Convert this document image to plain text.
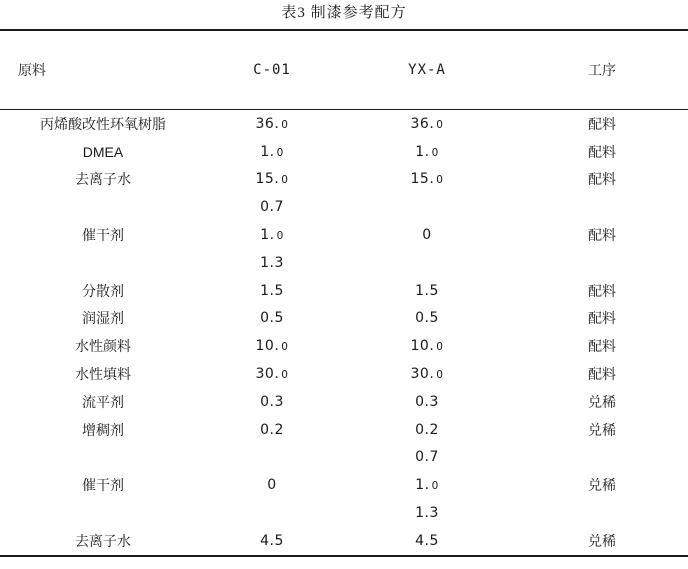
表3 制漆参考配方
原料	C-01	YX-A	工序
丙烯酸改性环氧树脂	36. 0	36. 0	配料
DMEA	1. 0	1. 0	配料
去离子水	15. 0	15. 0	配料
	0.7		
催干剂	1. 0	0	配料
	1.3		
分散剂	1.5	1.5	配料
润湿剂	0.5	0.5	配料
水性颜料	10. 0	10. 0	配料
水性填料	30. 0	30. 0	配料
流平剂	0.3	0.3	兑稀
增稠剂	0.2	0.2	兑稀
		0.7	
催干剂	0	1. 0	兑稀
		1.3	
去离子水	4.5	4.5	兑稀
